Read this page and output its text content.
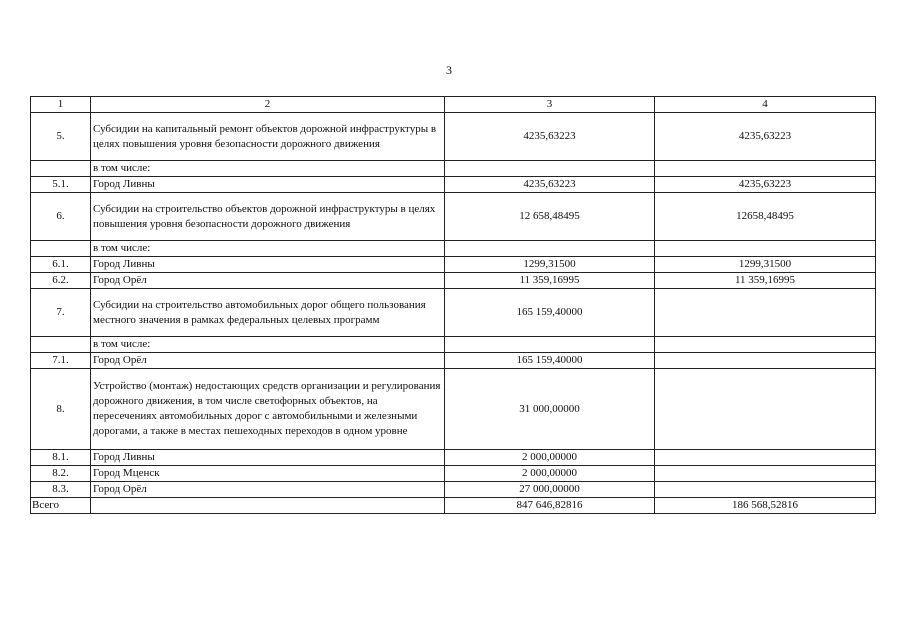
3
1	2	3	4
5.	Субсидии на капитальный ремонт объектов дорожной инфраструктуры в целях повышения уровня безопасности дорожного движения	4235,63223	4235,63223
	в том числе:		
5.1.	Город Ливны	4235,63223	4235,63223
6.	Субсидии на строительство объектов дорожной инфраструктуры в целях повышения уровня безопасности дорожного движения	12 658,48495	12658,48495
	в том числе:		
6.1.	Город Ливны	1299,31500	1299,31500
6.2.	Город Орёл	11 359,16995	11 359,16995
7.	Субсидии на строительство автомобильных дорог общего пользования местного значения в рамках федеральных целевых программ	165 159,40000	
	в том числе:		
7.1.	Город Орёл	165 159,40000	
8.	Устройство (монтаж) недостающих средств организации и регулирования дорожного движения, в том числе светофорных объектов, на пересечениях автомобильных дорог с автомобильными и железными дорогами, а также в местах пешеходных переходов в одном уровне	31 000,00000	
8.1.	Город Ливны	2 000,00000	
8.2.	Город Мценск	2 000,00000	
8.3.	Город Орёл	27 000,00000	
Всего		847 646,82816	186 568,52816
